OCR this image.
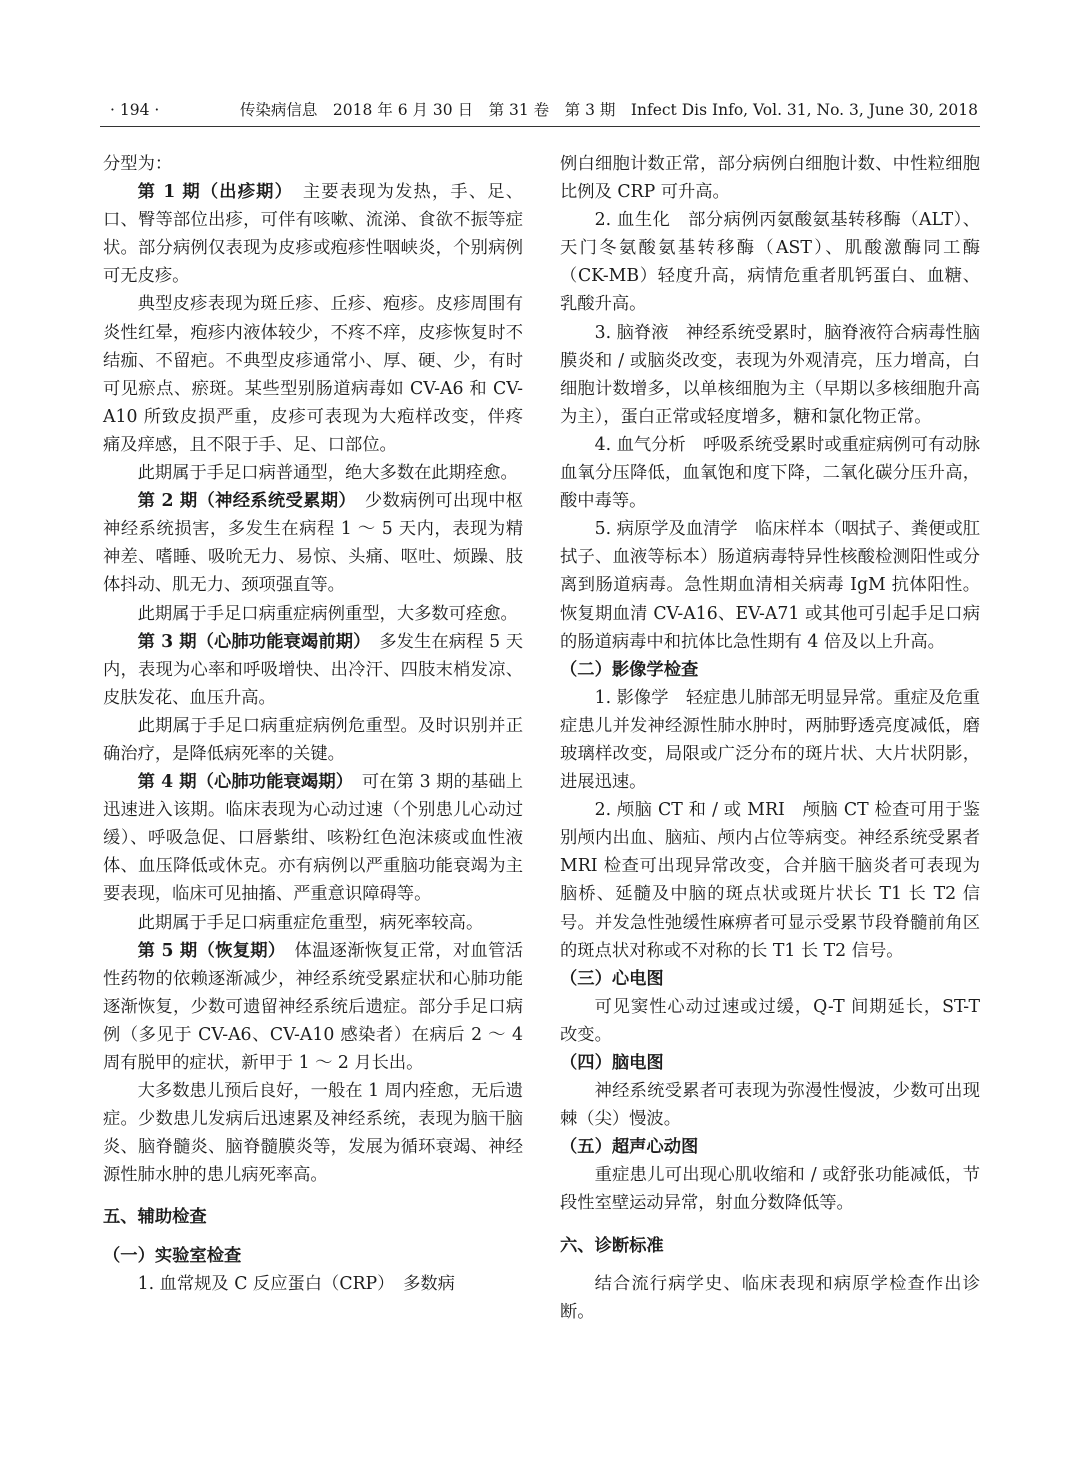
· 194 ·	传染病信息　2018 年 6 月 30 日　第 31 卷　第 3 期　Infect Dis Info, Vol. 31, No. 3, June 30, 2018

分型为：

第 1 期（出疹期）　主要表现为发热，手、足、口、臀等部位出疹，可伴有咳嗽、流涕、食欲不振等症状。部分病例仅表现为皮疹或疱疹性咽峡炎，个别病例可无皮疹。

典型皮疹表现为斑丘疹、丘疹、疱疹。皮疹周围有炎性红晕，疱疹内液体较少，不疼不痒，皮疹恢复时不结痂、不留疤。不典型皮疹通常小、厚、硬、少，有时可见瘀点、瘀斑。某些型别肠道病毒如 CV-A6 和 CV-A10 所致皮损严重，皮疹可表现为大疱样改变，伴疼痛及痒感，且不限于手、足、口部位。

此期属于手足口病普通型，绝大多数在此期痊愈。

第 2 期（神经系统受累期）　少数病例可出现中枢神经系统损害，多发生在病程 1 ～ 5 天内，表现为精神差、嗜睡、吸吮无力、易惊、头痛、呕吐、烦躁、肢体抖动、肌无力、颈项强直等。

此期属于手足口病重症病例重型，大多数可痊愈。

第 3 期（心肺功能衰竭前期）　多发生在病程 5 天内，表现为心率和呼吸增快、出冷汗、四肢末梢发凉、皮肤发花、血压升高。

此期属于手足口病重症病例危重型。及时识别并正确治疗，是降低病死率的关键。

第 4 期（心肺功能衰竭期）　可在第 3 期的基础上迅速进入该期。临床表现为心动过速（个别患儿心动过缓）、呼吸急促、口唇紫绀、咳粉红色泡沫痰或血性液体、血压降低或休克。亦有病例以严重脑功能衰竭为主要表现，临床可见抽搐、严重意识障碍等。

此期属于手足口病重症危重型，病死率较高。

第 5 期（恢复期）　体温逐渐恢复正常，对血管活性药物的依赖逐渐减少，神经系统受累症状和心肺功能逐渐恢复，少数可遗留神经系统后遗症。部分手足口病例（多见于 CV-A6、CV-A10 感染者）在病后 2 ～ 4 周有脱甲的症状，新甲于 1 ～ 2 月长出。

大多数患儿预后良好，一般在 1 周内痊愈，无后遗症。少数患儿发病后迅速累及神经系统，表现为脑干脑炎、脑脊髓炎、脑脊髓膜炎等，发展为循环衰竭、神经源性肺水肿的患儿病死率高。

五、辅助检查

（一）实验室检查

1. 血常规及 C 反应蛋白（CRP）　多数病

例白细胞计数正常，部分病例白细胞计数、中性粒细胞比例及 CRP 可升高。

2. 血生化　部分病例丙氨酸氨基转移酶（ALT）、天门冬氨酸氨基转移酶（AST）、肌酸激酶同工酶（CK-MB）轻度升高，病情危重者肌钙蛋白、血糖、乳酸升高。

3. 脑脊液　神经系统受累时，脑脊液符合病毒性脑膜炎和 / 或脑炎改变，表现为外观清亮，压力增高，白细胞计数增多，以单核细胞为主（早期以多核细胞升高为主），蛋白正常或轻度增多，糖和氯化物正常。

4. 血气分析　呼吸系统受累时或重症病例可有动脉血氧分压降低，血氧饱和度下降，二氧化碳分压升高，酸中毒等。

5. 病原学及血清学　临床样本（咽拭子、粪便或肛拭子、血液等标本）肠道病毒特异性核酸检测阳性或分离到肠道病毒。急性期血清相关病毒 IgM 抗体阳性。恢复期血清 CV-A16、EV-A71 或其他可引起手足口病的肠道病毒中和抗体比急性期有 4 倍及以上升高。

（二）影像学检查

1. 影像学　轻症患儿肺部无明显异常。重症及危重症患儿并发神经源性肺水肿时，两肺野透亮度减低，磨玻璃样改变，局限或广泛分布的斑片状、大片状阴影，进展迅速。

2. 颅脑 CT 和 / 或 MRI　颅脑 CT 检查可用于鉴别颅内出血、脑疝、颅内占位等病变。神经系统受累者 MRI 检查可出现异常改变，合并脑干脑炎者可表现为脑桥、延髓及中脑的斑点状或斑片状长 T1 长 T2 信号。并发急性弛缓性麻痹者可显示受累节段脊髓前角区的斑点状对称或不对称的长 T1 长 T2 信号。

（三）心电图

可见窦性心动过速或过缓，Q-T 间期延长，ST-T 改变。

（四）脑电图

神经系统受累者可表现为弥漫性慢波，少数可出现棘（尖）慢波。

（五）超声心动图

重症患儿可出现心肌收缩和 / 或舒张功能减低，节段性室壁运动异常，射血分数降低等。

六、诊断标准

结合流行病学史、临床表现和病原学检查作出诊断。
